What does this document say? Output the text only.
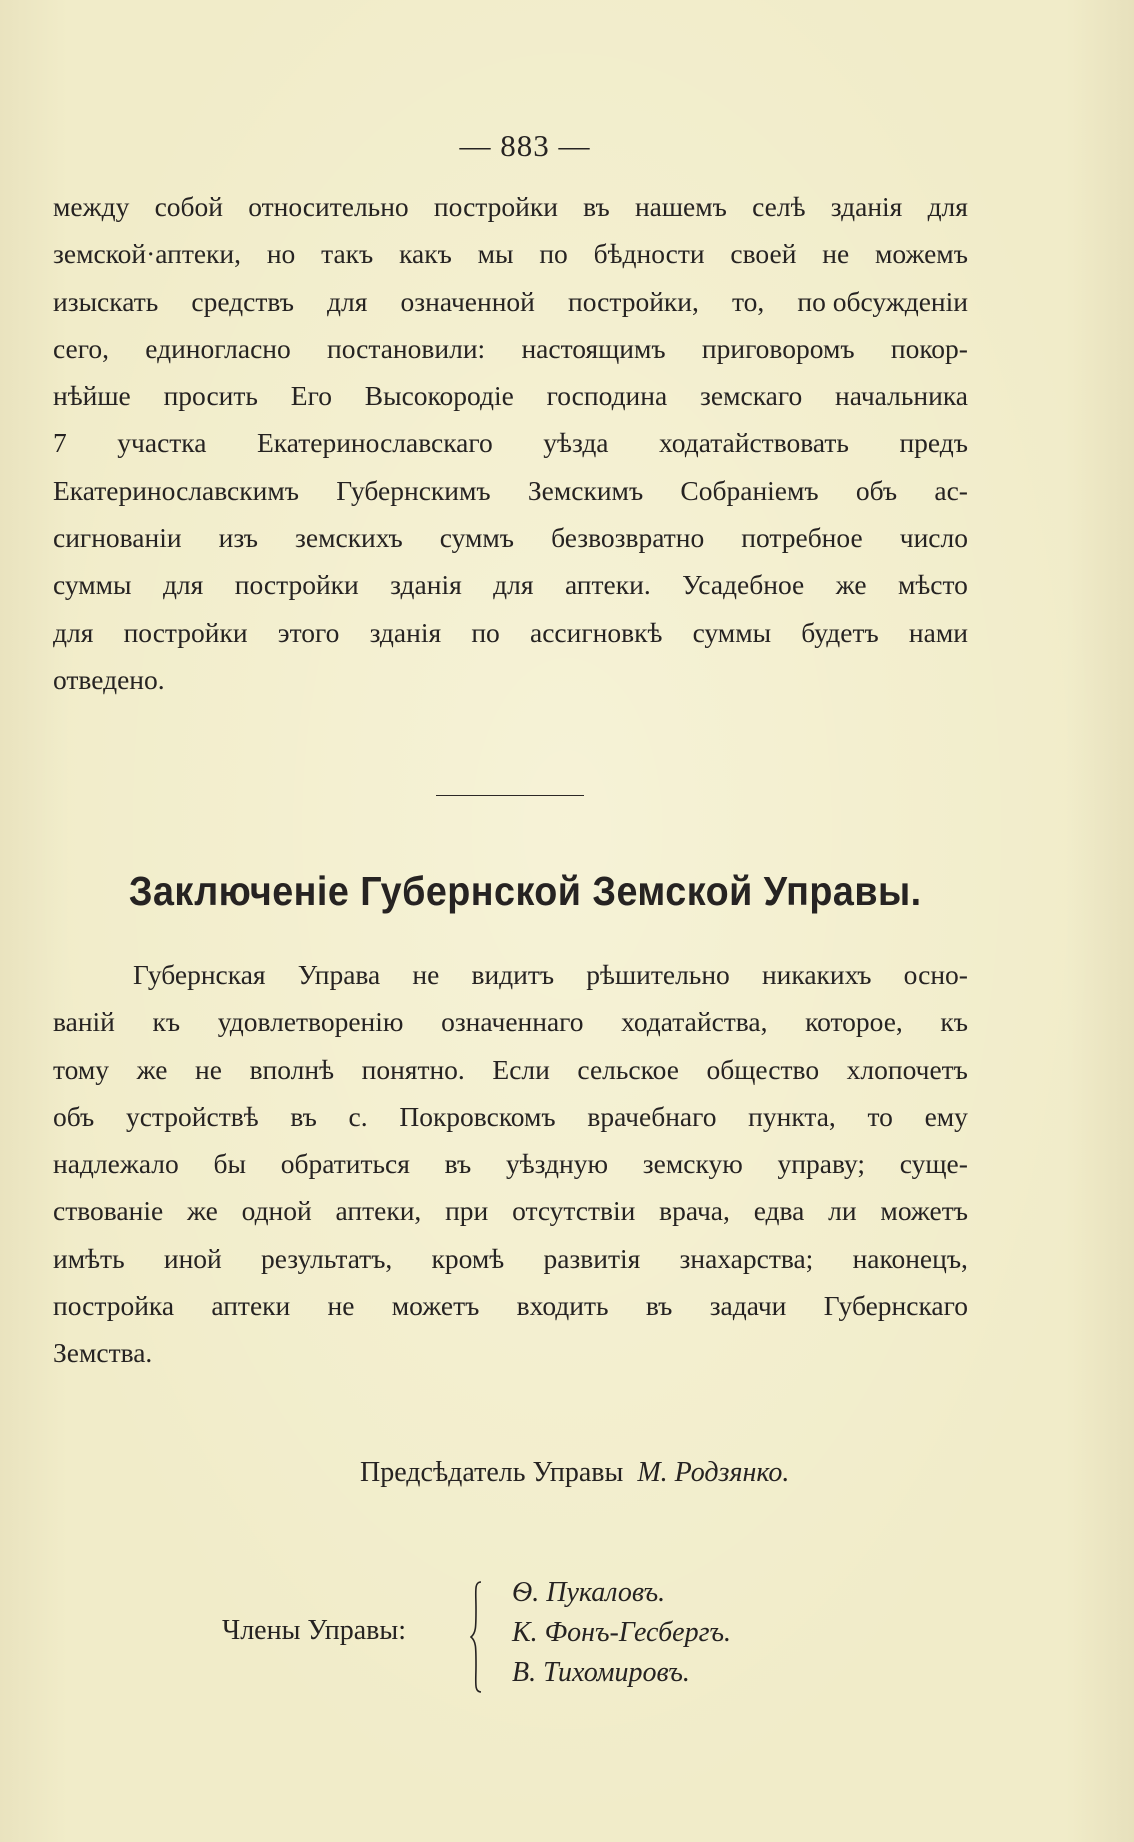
— 883 —
между собой относительно постройки въ нашемъ селѣ зданія для
земской·аптеки, но такъ какъ мы по бѣдности своей не можемъ
изыскать средствъ для означенной постройки, то, по обсужденіи
сего, единогласно постановили: настоящимъ приговоромъ покор-
нѣйше просить Его Высокородіе господина земскаго начальника
7 участка Екатеринославскаго уѣзда ходатайствовать предъ
Екатеринославскимъ Губернскимъ Земскимъ Собраніемъ объ ас-
сигнованіи изъ земскихъ суммъ безвозвратно потребное число
суммы для постройки зданія для аптеки. Усадебное же мѣсто
для постройки этого зданія по ассигновкѣ суммы будетъ нами
отведено.
Заключеніе Губернской Земской Управы.
Губернская Управа не видитъ рѣшительно никакихъ осно-
ваній къ удовлетворенію означеннаго ходатайства, которое, къ
тому же не вполнѣ понятно. Если сельское общество хлопочетъ
объ устройствѣ въ с. Покровскомъ врачебнаго пункта, то ему
надлежало бы обратиться въ уѣздную земскую управу; суще-
ствованіе же одной аптеки, при отсутствіи врача, едва ли можетъ
имѣть иной результатъ, кромѣ развитія знахарства; наконецъ,
постройка аптеки не можетъ входить въ задачи Губернскаго
Земства.
Предсѣдатель Управы М. Родзянко.
Члены Управы:
Ѳ. Пукаловъ.
К. Фонъ-Гесбергъ.
В. Тихомировъ.
